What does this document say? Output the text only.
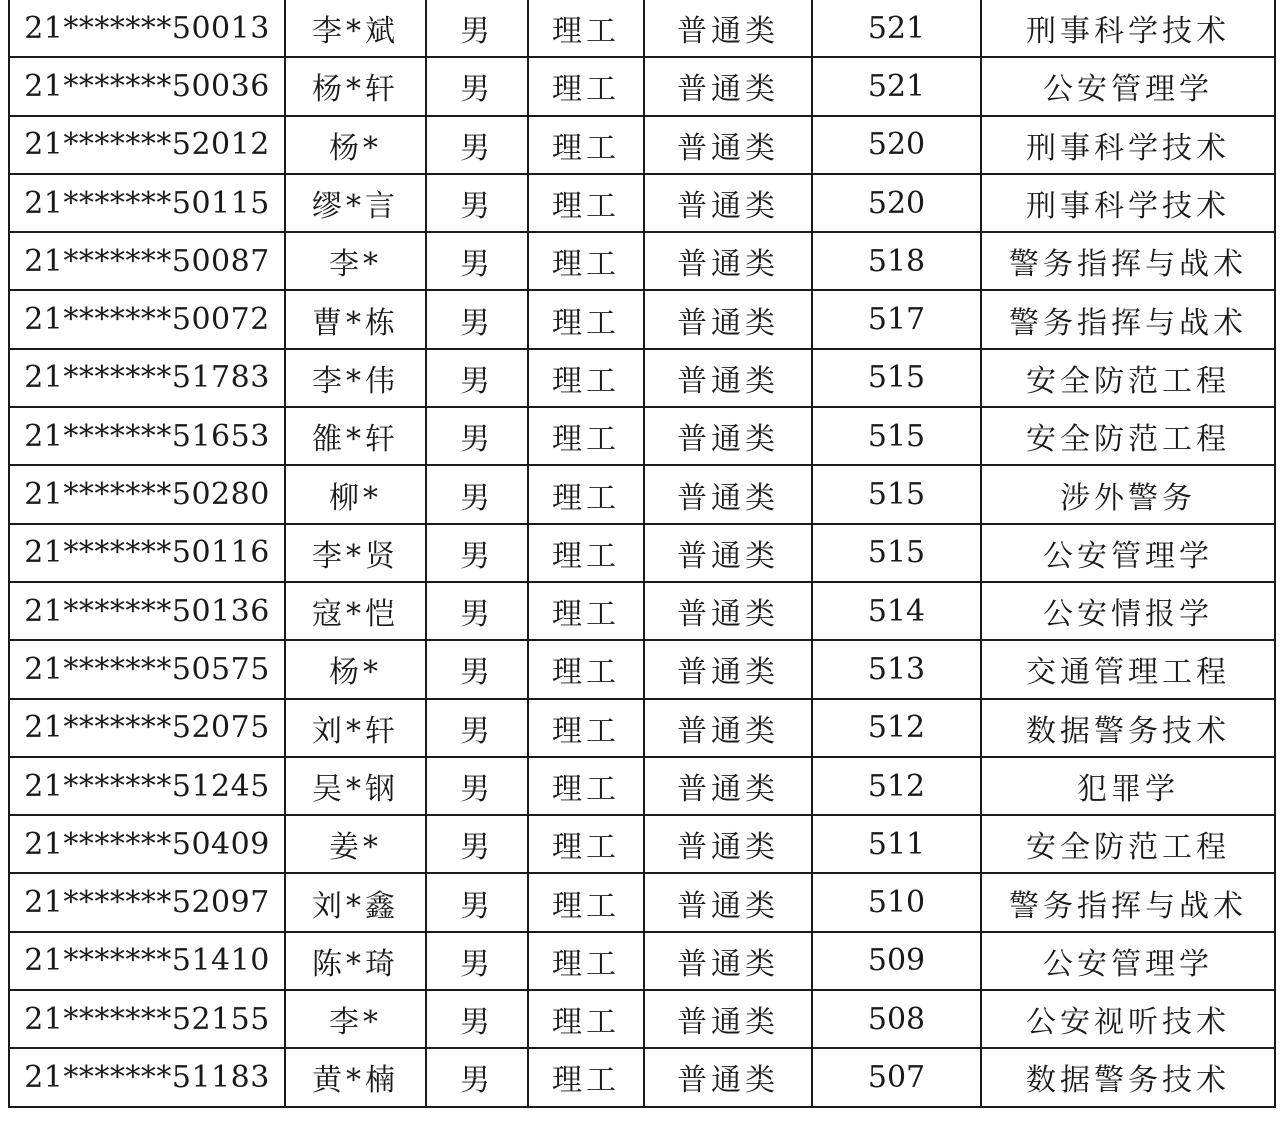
21*******50013	李*斌	男	理工	普通类	521	刑事科学技术
21*******50036	杨*轩	男	理工	普通类	521	公安管理学
21*******52012	杨*	男	理工	普通类	520	刑事科学技术
21*******50115	缪*言	男	理工	普通类	520	刑事科学技术
21*******50087	李*	男	理工	普通类	518	警务指挥与战术
21*******50072	曹*栋	男	理工	普通类	517	警务指挥与战术
21*******51783	李*伟	男	理工	普通类	515	安全防范工程
21*******51653	雒*轩	男	理工	普通类	515	安全防范工程
21*******50280	柳*	男	理工	普通类	515	涉外警务
21*******50116	李*贤	男	理工	普通类	515	公安管理学
21*******50136	寇*恺	男	理工	普通类	514	公安情报学
21*******50575	杨*	男	理工	普通类	513	交通管理工程
21*******52075	刘*轩	男	理工	普通类	512	数据警务技术
21*******51245	吴*钢	男	理工	普通类	512	犯罪学
21*******50409	姜*	男	理工	普通类	511	安全防范工程
21*******52097	刘*鑫	男	理工	普通类	510	警务指挥与战术
21*******51410	陈*琦	男	理工	普通类	509	公安管理学
21*******52155	李*	男	理工	普通类	508	公安视听技术
21*******51183	黄*楠	男	理工	普通类	507	数据警务技术
